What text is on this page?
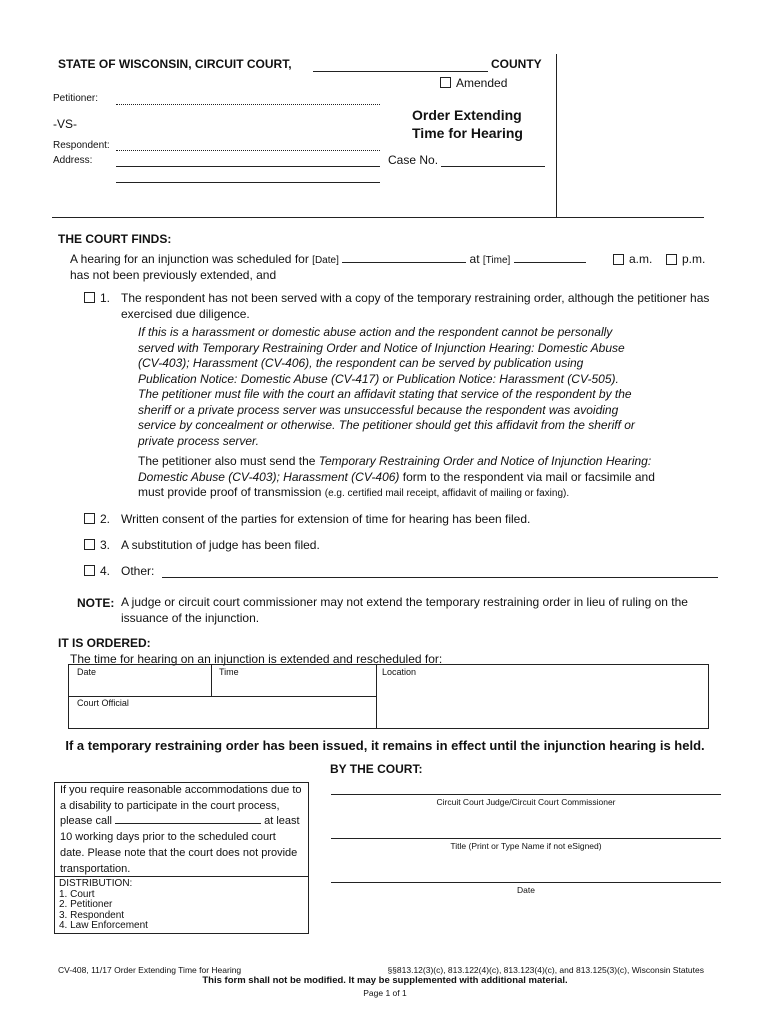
STATE OF WISCONSIN, CIRCUIT COURT,	COUNTY
Amended
Petitioner:
-VS-
Order Extending
Time for Hearing
Respondent:
Address:	Case No.
THE COURT FINDS:
A hearing for an injunction was scheduled for [Date]	at [Time]	a.m. p.m.
has not been previously extended, and
1. The respondent has not been served with a copy of the temporary restraining order, although the petitioner has exercised due diligence.
If this is a harassment or domestic abuse action and the respondent cannot be personally served with Temporary Restraining Order and Notice of Injunction Hearing: Domestic Abuse (CV-403); Harassment (CV-406), the respondent can be served by publication using Publication Notice: Domestic Abuse (CV-417) or Publication Notice: Harassment (CV-505). The petitioner must file with the court an affidavit stating that service of the respondent by the sheriff or a private process server was unsuccessful because the respondent was avoiding service by concealment or otherwise. The petitioner should get this affidavit from the sheriff or private process server.
The petitioner also must send the Temporary Restraining Order and Notice of Injunction Hearing: Domestic Abuse (CV-403); Harassment (CV-406) form to the respondent via mail or facsimile and must provide proof of transmission (e.g. certified mail receipt, affidavit of mailing or faxing).
2. Written consent of the parties for extension of time for hearing has been filed.
3. A substitution of judge has been filed.
4. Other:
NOTE: A judge or circuit court commissioner may not extend the temporary restraining order in lieu of ruling on the issuance of the injunction.
IT IS ORDERED:
The time for hearing on an injunction is extended and rescheduled for:
Date	Time	Location
Court Official
If a temporary restraining order has been issued, it remains in effect until the injunction hearing is held.
BY THE COURT:
If you require reasonable accommodations due to
a disability to participate in the court process,
please call	at least
10 working days prior to the scheduled court
date. Please note that the court does not provide
transportation.
DISTRIBUTION:
1. Court
2. Petitioner
3. Respondent
4. Law Enforcement
Circuit Court Judge/Circuit Court Commissioner
Title (Print or Type Name if not eSigned)
Date
CV-408, 11/17 Order Extending Time for Hearing	§§813.12(3)(c), 813.122(4)(c), 813.123(4)(c), and 813.125(3)(c), Wisconsin Statutes
This form shall not be modified. It may be supplemented with additional material.
Page 1 of 1
